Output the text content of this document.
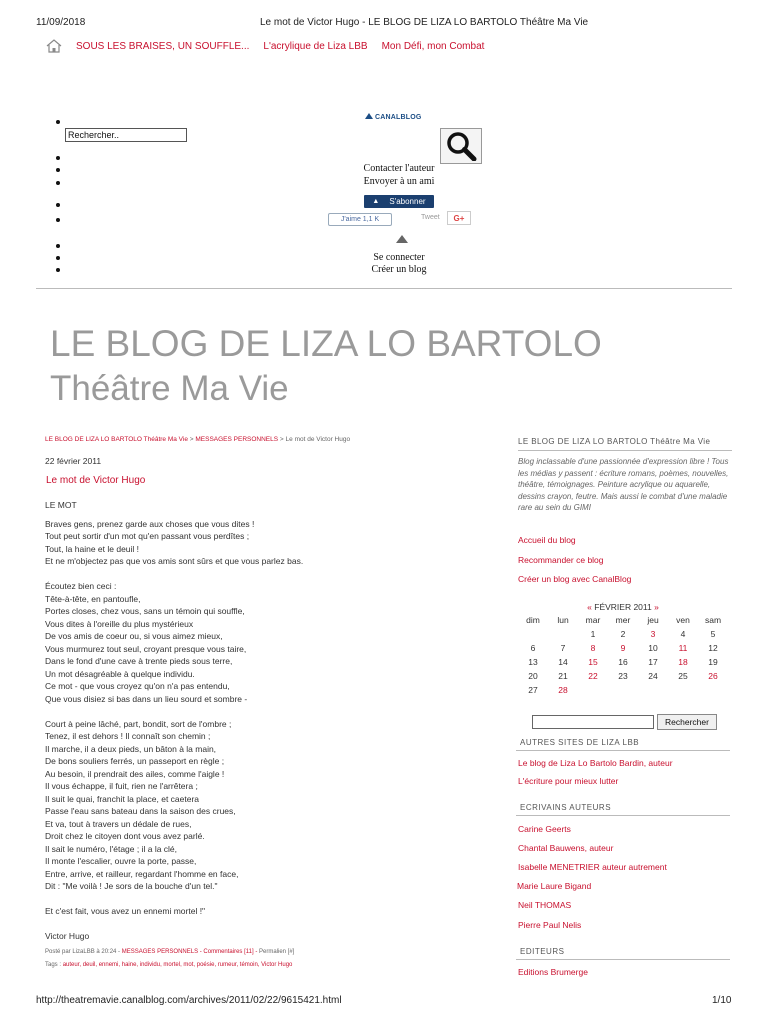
11/09/2018	Le mot de Victor Hugo - LE BLOG DE LIZA LO BARTOLO Théâtre Ma Vie
SOUS LES BRAISES, UN SOUFFLE... L'acrylique de Liza LBB Mon Défi, mon Combat
Rechercher..
CANALBLOG
Contacter l'auteur
Envoyer à un ami
▲ S'abonner
J'aime 1,1 K	Tweet	G+
Se connecter
Créer un blog
LE BLOG DE LIZA LO BARTOLO
Théâtre Ma Vie
LE BLOG DE LIZA LO BARTOLO Théâtre Ma Vie > MESSAGES PERSONNELS > Le mot de Victor Hugo
22 février 2011
Le mot de Victor Hugo

LE MOT

Braves gens, prenez garde aux choses que vous dites !

Tout peut sortir d'un mot qu'en passant vous perdîtes ;

Tout, la haine et le deuil !

Et ne m'objectez pas que vos amis sont sûrs et que vous parlez bas.

Écoutez bien ceci :

Tête-à-tête, en pantoufle,

Portes closes, chez vous, sans un témoin qui souffle,

Vous dites à l'oreille du plus mystérieux

De vos amis de coeur ou, si vous aimez mieux,

Vous murmurez tout seul, croyant presque vous taire,

Dans le fond d'une cave à trente pieds sous terre,

Un mot désagréable à quelque individu.

Ce mot - que vous croyez qu'on n'a pas entendu,

Que vous disiez si bas dans un lieu sourd et sombre -

Court à peine lâché, part, bondit, sort de l'ombre ;

Tenez, il est dehors ! Il connaît son chemin ;

Il marche, il a deux pieds, un bâton à la main,

De bons souliers ferrés, un passeport en règle ;

Au besoin, il prendrait des ailes, comme l'aigle !

Il vous échappe, il fuit, rien ne l'arrêtera ;

Il suit le quai, franchit la place, et caetera

Passe l'eau sans bateau dans la saison des crues,

Et va, tout à travers un dédale de rues,

Droit chez le citoyen dont vous avez parlé.

Il sait le numéro, l'étage ; il a la clé,

Il monte l'escalier, ouvre la porte, passe,

Entre, arrive, et railleur, regardant l'homme en face,

Dit : "Me voilà ! Je sors de la bouche d'un tel."

Et c'est fait, vous avez un ennemi mortel !"

Victor Hugo

Posté par LizaLBB à 20:24 - MESSAGES PERSONNELS - Commentaires [11] - Permalien [#]
Tags : auteur, deuil, ennemi, haine, individu, mortel, mot, poésie, rumeur, témoin, Victor Hugo
LE BLOG DE LIZA LO BARTOLO Théâtre Ma Vie
Blog inclassable d'une passionnée d'expression libre ! Tous les médias y passent : écriture romans, poèmes, nouvelles, théâtre, témoignages. Peinture acrylique ou aquarelle, dessins crayon, feutre. Mais aussi le combat d'une maladie rare au sein du GIMI
Accueil du blog
Recommander ce blog
Créer un blog avec CanalBlog
« FÉVRIER 2011 »
dim	lun	mar	mer	jeu	ven	sam
		1	2	3	4	5
6	7	8	9	10	11	12
13	14	15	16	17	18	19
20	21	22	23	24	25	26
27	28					
Rechercher
AUTRES SITES DE LIZA LBB
Le blog de Liza Lo Bartolo Bardin, auteur
L'écriture pour mieux lutter
ECRIVAINS AUTEURS
Carine Geerts
Chantal Bauwens, auteur
Isabelle MENETRIER auteur autrement
Marie Laure Bigand
Neil THOMAS
Pierre Paul Nelis
EDITEURS
Editions Brumerge
http://theatremavie.canalblog.com/archives/2011/02/22/9615421.html	1/10
